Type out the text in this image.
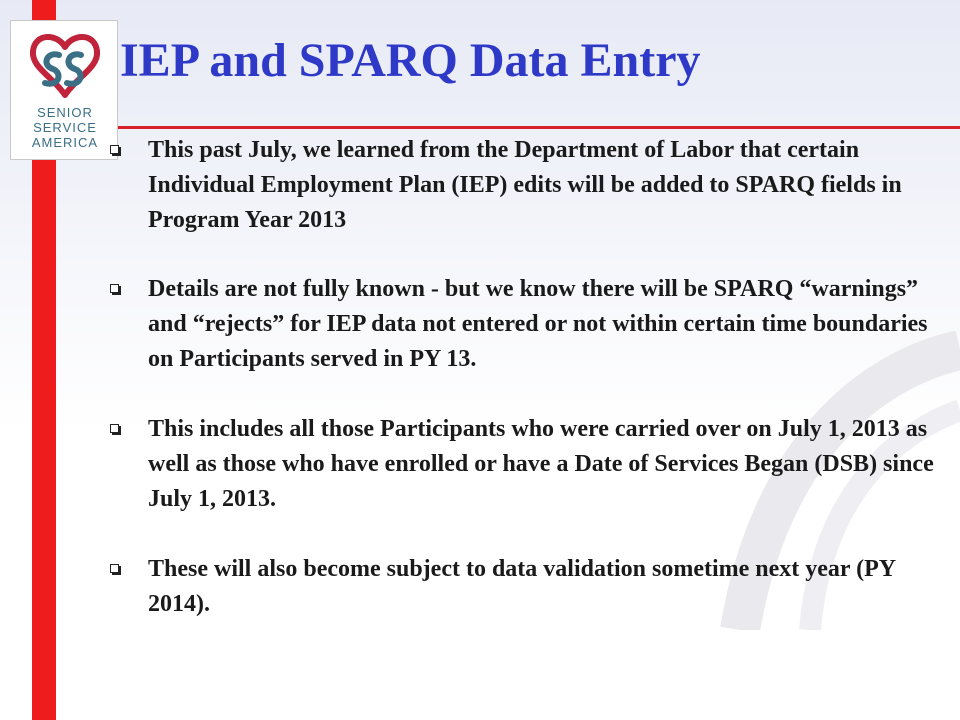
SENIOR
SERVICE
AMERICA
IEP and SPARQ Data Entry
This past July, we learned from the Department of Labor that certain Individual Employment Plan (IEP) edits will be added to SPARQ fields in Program Year 2013
Details are not fully known - but we know there will be SPARQ “warnings” and “rejects” for IEP data not entered or not within certain time boundaries on Participants served in PY 13.
This includes all those Participants who were carried over on July 1, 2013 as well as those who have enrolled or have a Date of Services Began (DSB) since July 1, 2013.
These will also become subject to data validation sometime next year (PY 2014).
